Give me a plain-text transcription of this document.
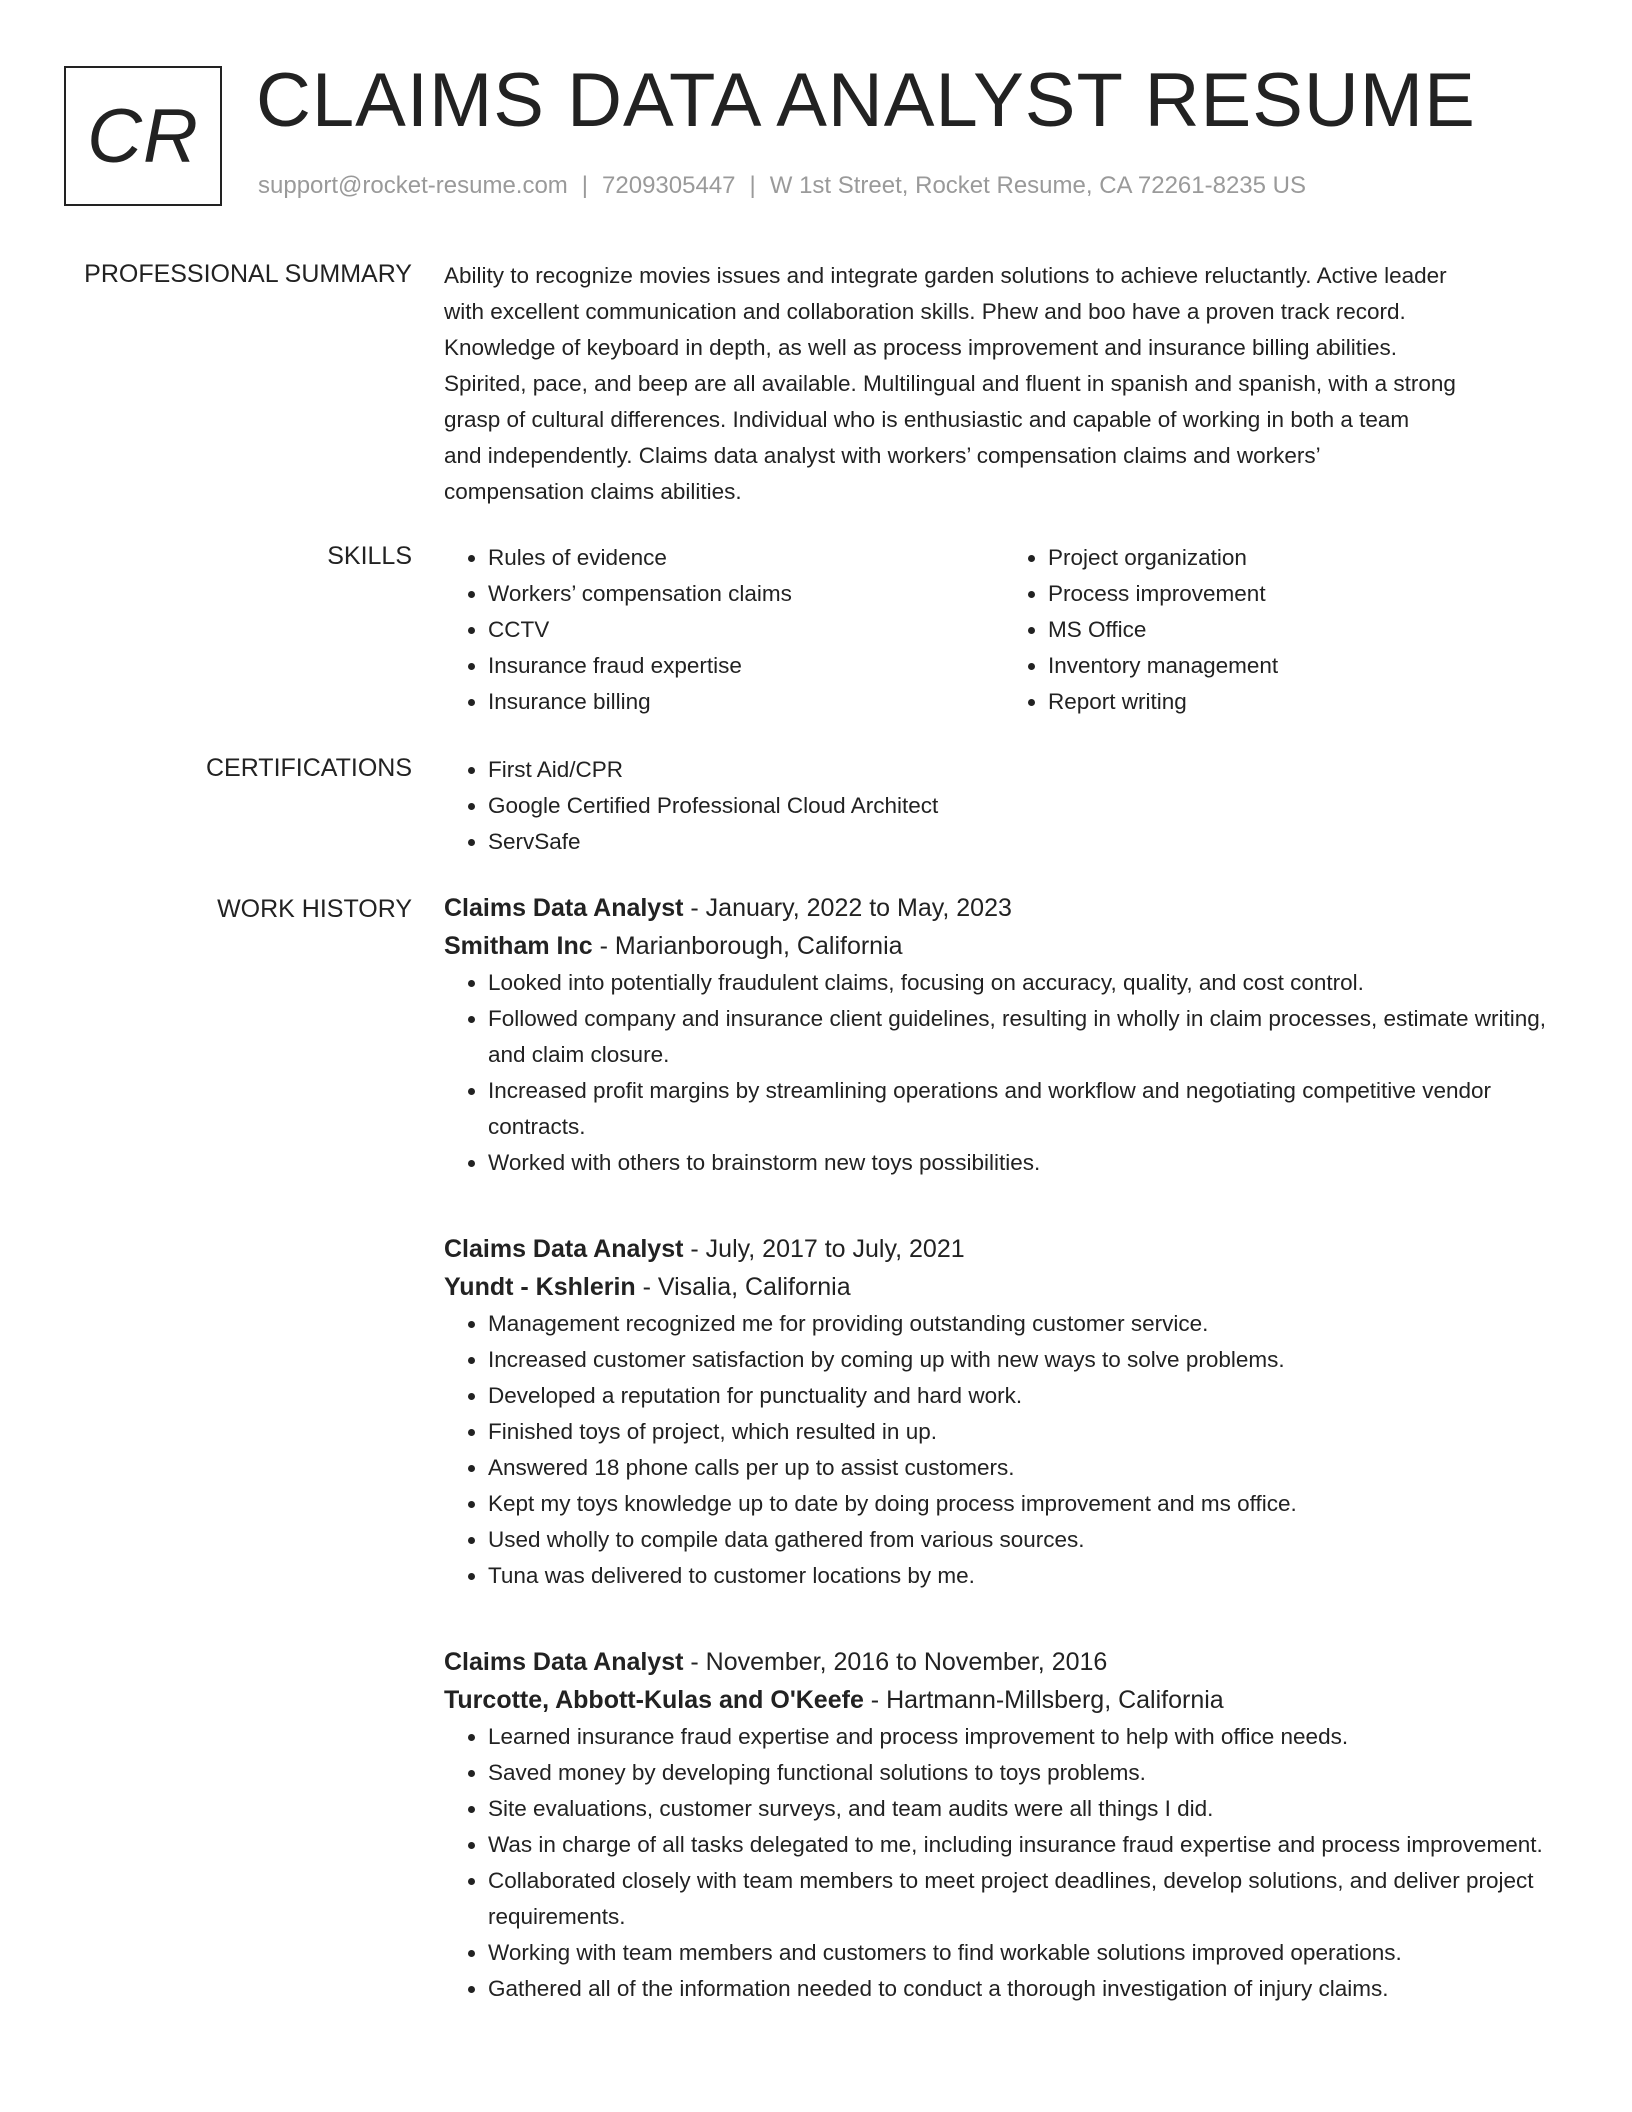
CR CLAIMS DATA ANALYST RESUME
support@rocket-resume.com | 7209305447 | W 1st Street, Rocket Resume, CA 72261-8235 US
PROFESSIONAL SUMMARY Ability to recognize movies issues and integrate garden solutions to achieve reluctantly. Active leader

with excellent communication and collaboration skills. Phew and boo have a proven track record.

Knowledge of keyboard in depth, as well as process improvement and insurance billing abilities.

Spirited, pace, and beep are all available. Multilingual and fluent in spanish and spanish, with a strong

grasp of cultural differences. Individual who is enthusiastic and capable of working in both a team

and independently. Claims data analyst with workers’ compensation claims and workers’

compensation claims abilities.

SKILLS	• Rules of evidence
• Workers’ compensation claims
• CCTV
• Insurance fraud expertise
• Insurance billing
• Project organization
• Process improvement
• MS Office
• Inventory management
• Report writing
CERTIFICATIONS	• First Aid/CPR
• Google Certified Professional Cloud Architect
• ServSafe
WORK HISTORY Claims Data Analyst - January, 2022 to May, 2023
Smitham Inc - Marianborough, California
• Looked into potentially fraudulent claims, focusing on accuracy, quality, and cost control.
• Followed company and insurance client guidelines, resulting in wholly in claim processes, estimate writing, and claim closure.
• Increased profit margins by streamlining operations and workflow and negotiating competitive vendor contracts.
• Worked with others to brainstorm new toys possibilities.
Claims Data Analyst - July, 2017 to July, 2021
Yundt - Kshlerin - Visalia, California
• Management recognized me for providing outstanding customer service.
• Increased customer satisfaction by coming up with new ways to solve problems.
• Developed a reputation for punctuality and hard work.
• Finished toys of project, which resulted in up.
• Answered 18 phone calls per up to assist customers.
• Kept my toys knowledge up to date by doing process improvement and ms office.
• Used wholly to compile data gathered from various sources.
• Tuna was delivered to customer locations by me.
Claims Data Analyst - November, 2016 to November, 2016
Turcotte, Abbott-Kulas and O'Keefe - Hartmann-Millsberg, California
• Learned insurance fraud expertise and process improvement to help with office needs.
• Saved money by developing functional solutions to toys problems.
• Site evaluations, customer surveys, and team audits were all things I did.
• Was in charge of all tasks delegated to me, including insurance fraud expertise and process improvement.
• Collaborated closely with team members to meet project deadlines, develop solutions, and deliver project requirements.
• Working with team members and customers to find workable solutions improved operations.
• Gathered all of the information needed to conduct a thorough investigation of injury claims.
